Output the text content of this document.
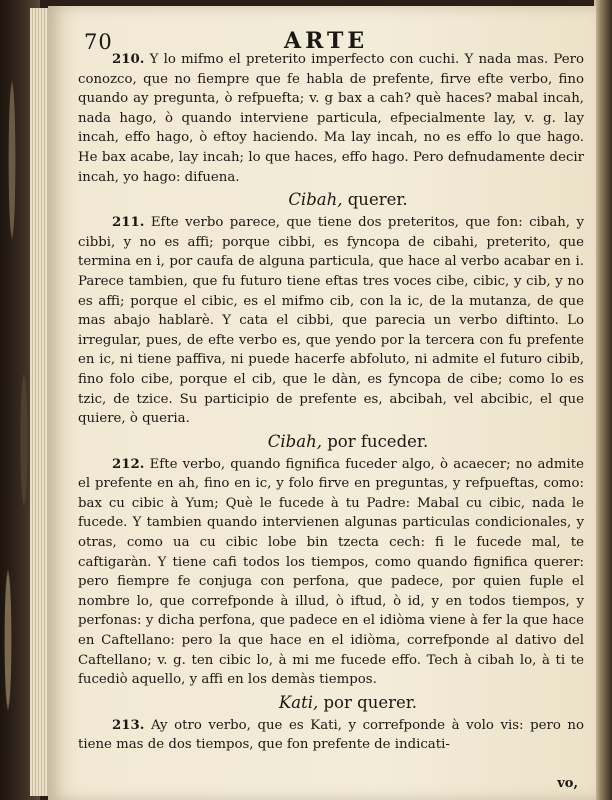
70	ARTE

210. Y lo mifmo el preterito imperfecto con cuchi. Y nada mas. Pero conozco, que no fiempre que fe habla de prefente, firve efte verbo, fino quando ay pregunta, ò refpuefta; v. g bax a cah? què haces? mabal incah, nada hago, ò quando interviene particula, efpecialmente lay, v. g. lay incah, effo hago, ò eftoy haciendo. Ma lay incah, no es effo lo que hago. He bax acabe, lay incah; lo que haces, effo hago. Pero defnudamente decir incah, yo hago: difuena.

Cibah, querer.

211. Efte verbo parece, que tiene dos preteritos, que fon: cibah, y cibbi, y no es affi; porque cibbi, es fyncopa de cibahi, preterito, que termina en i, por caufa de alguna particula, que hace al verbo acabar en i. Parece tambien, que fu futuro tiene eftas tres voces cibe, cibic, y cib, y no es affi; porque el cibic, es el mifmo cib, con la ic, de la mutanza, de que mas abajo hablarè. Y cata el cibbi, que parecia un verbo diftinto. Lo irregular, pues, de efte verbo es, que yendo por la tercera con fu prefente en ic, ni tiene paffiva, ni puede hacerfe abfoluto, ni admite el futuro cibib, fino folo cibe, porque el cib, que le dàn, es fyncopa de cibe; como lo es tzic, de tzice. Su participio de prefente es, abcibah, vel abcibic, el que quiere, ò queria.

Cibah, por fuceder.

212. Efte verbo, quando fignifica fuceder algo, ò acaecer; no admite el prefente en ah, fino en ic, y folo firve en preguntas, y refpueftas, como: bax cu cibic à Yum; Què le fucede à tu Padre: Mabal cu cibic, nada le fucede. Y tambien quando intervienen algunas particulas condicionales, y otras, como ua cu cibic lobe bin tzecta cech: fi le fucede mal, te caftigaràn. Y tiene cafi todos los tiempos, como quando fignifica querer: pero fiempre fe conjuga con perfona, que padece, por quien fuple el nombre lo, que correfponde à illud, ò iftud, ò id, y en todos tiempos, y perfonas: y dicha perfona, que padece en el idiòma viene à fer la que hace en Caftellano: pero la que hace en el idiòma, correfponde al dativo del Caftellano; v. g. ten cibic lo, à mi me fucede effo. Tech à cibah lo, à ti te fucediò aquello, y affi en los demàs tiempos.

Kati, por querer.

213. Ay otro verbo, que es Kati, y correfponde à volo vis: pero no tiene mas de dos tiempos, que fon prefente de indicati-

vo,
